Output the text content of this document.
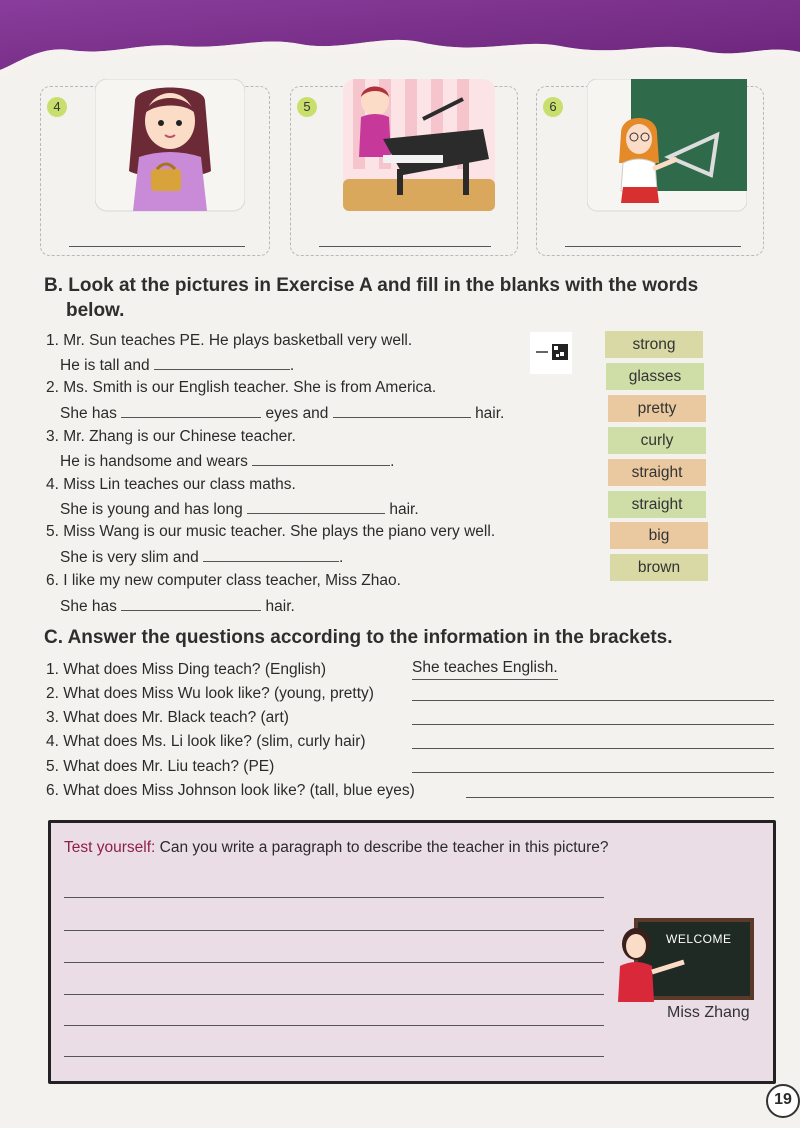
4	5	6
B. Look at the pictures in Exercise A and fill in the blanks with the words
below.
1. Mr. Sun teaches PE. He plays basketball very well.
He is tall and	.
2. Ms. Smith is our English teacher. She is from America.
She has	eyes and	hair.
3. Mr. Zhang is our Chinese teacher.
He is handsome and wears	.
4. Miss Lin teaches our class maths.
She is young and has long	hair.
5. Miss Wang is our music teacher. She plays the piano very well.
She is very slim and	.
6. I like my new computer class teacher, Miss Zhao.
She has	hair.
strong
glasses
pretty
curly
straight
straight
big
brown
C. Answer the questions according to the information in the brackets.
1. What does Miss Ding teach? (English)	She teaches English.
2. What does Miss Wu look like? (young, pretty)
3. What does Mr. Black teach? (art)
4. What does Ms. Li look like? (slim, curly hair)
5. What does Mr. Liu teach? (PE)
6. What does Miss Johnson look like? (tall, blue eyes)
Test yourself: Can you write a paragraph to describe the teacher in this picture?
WELCOME
Miss Zhang
19
